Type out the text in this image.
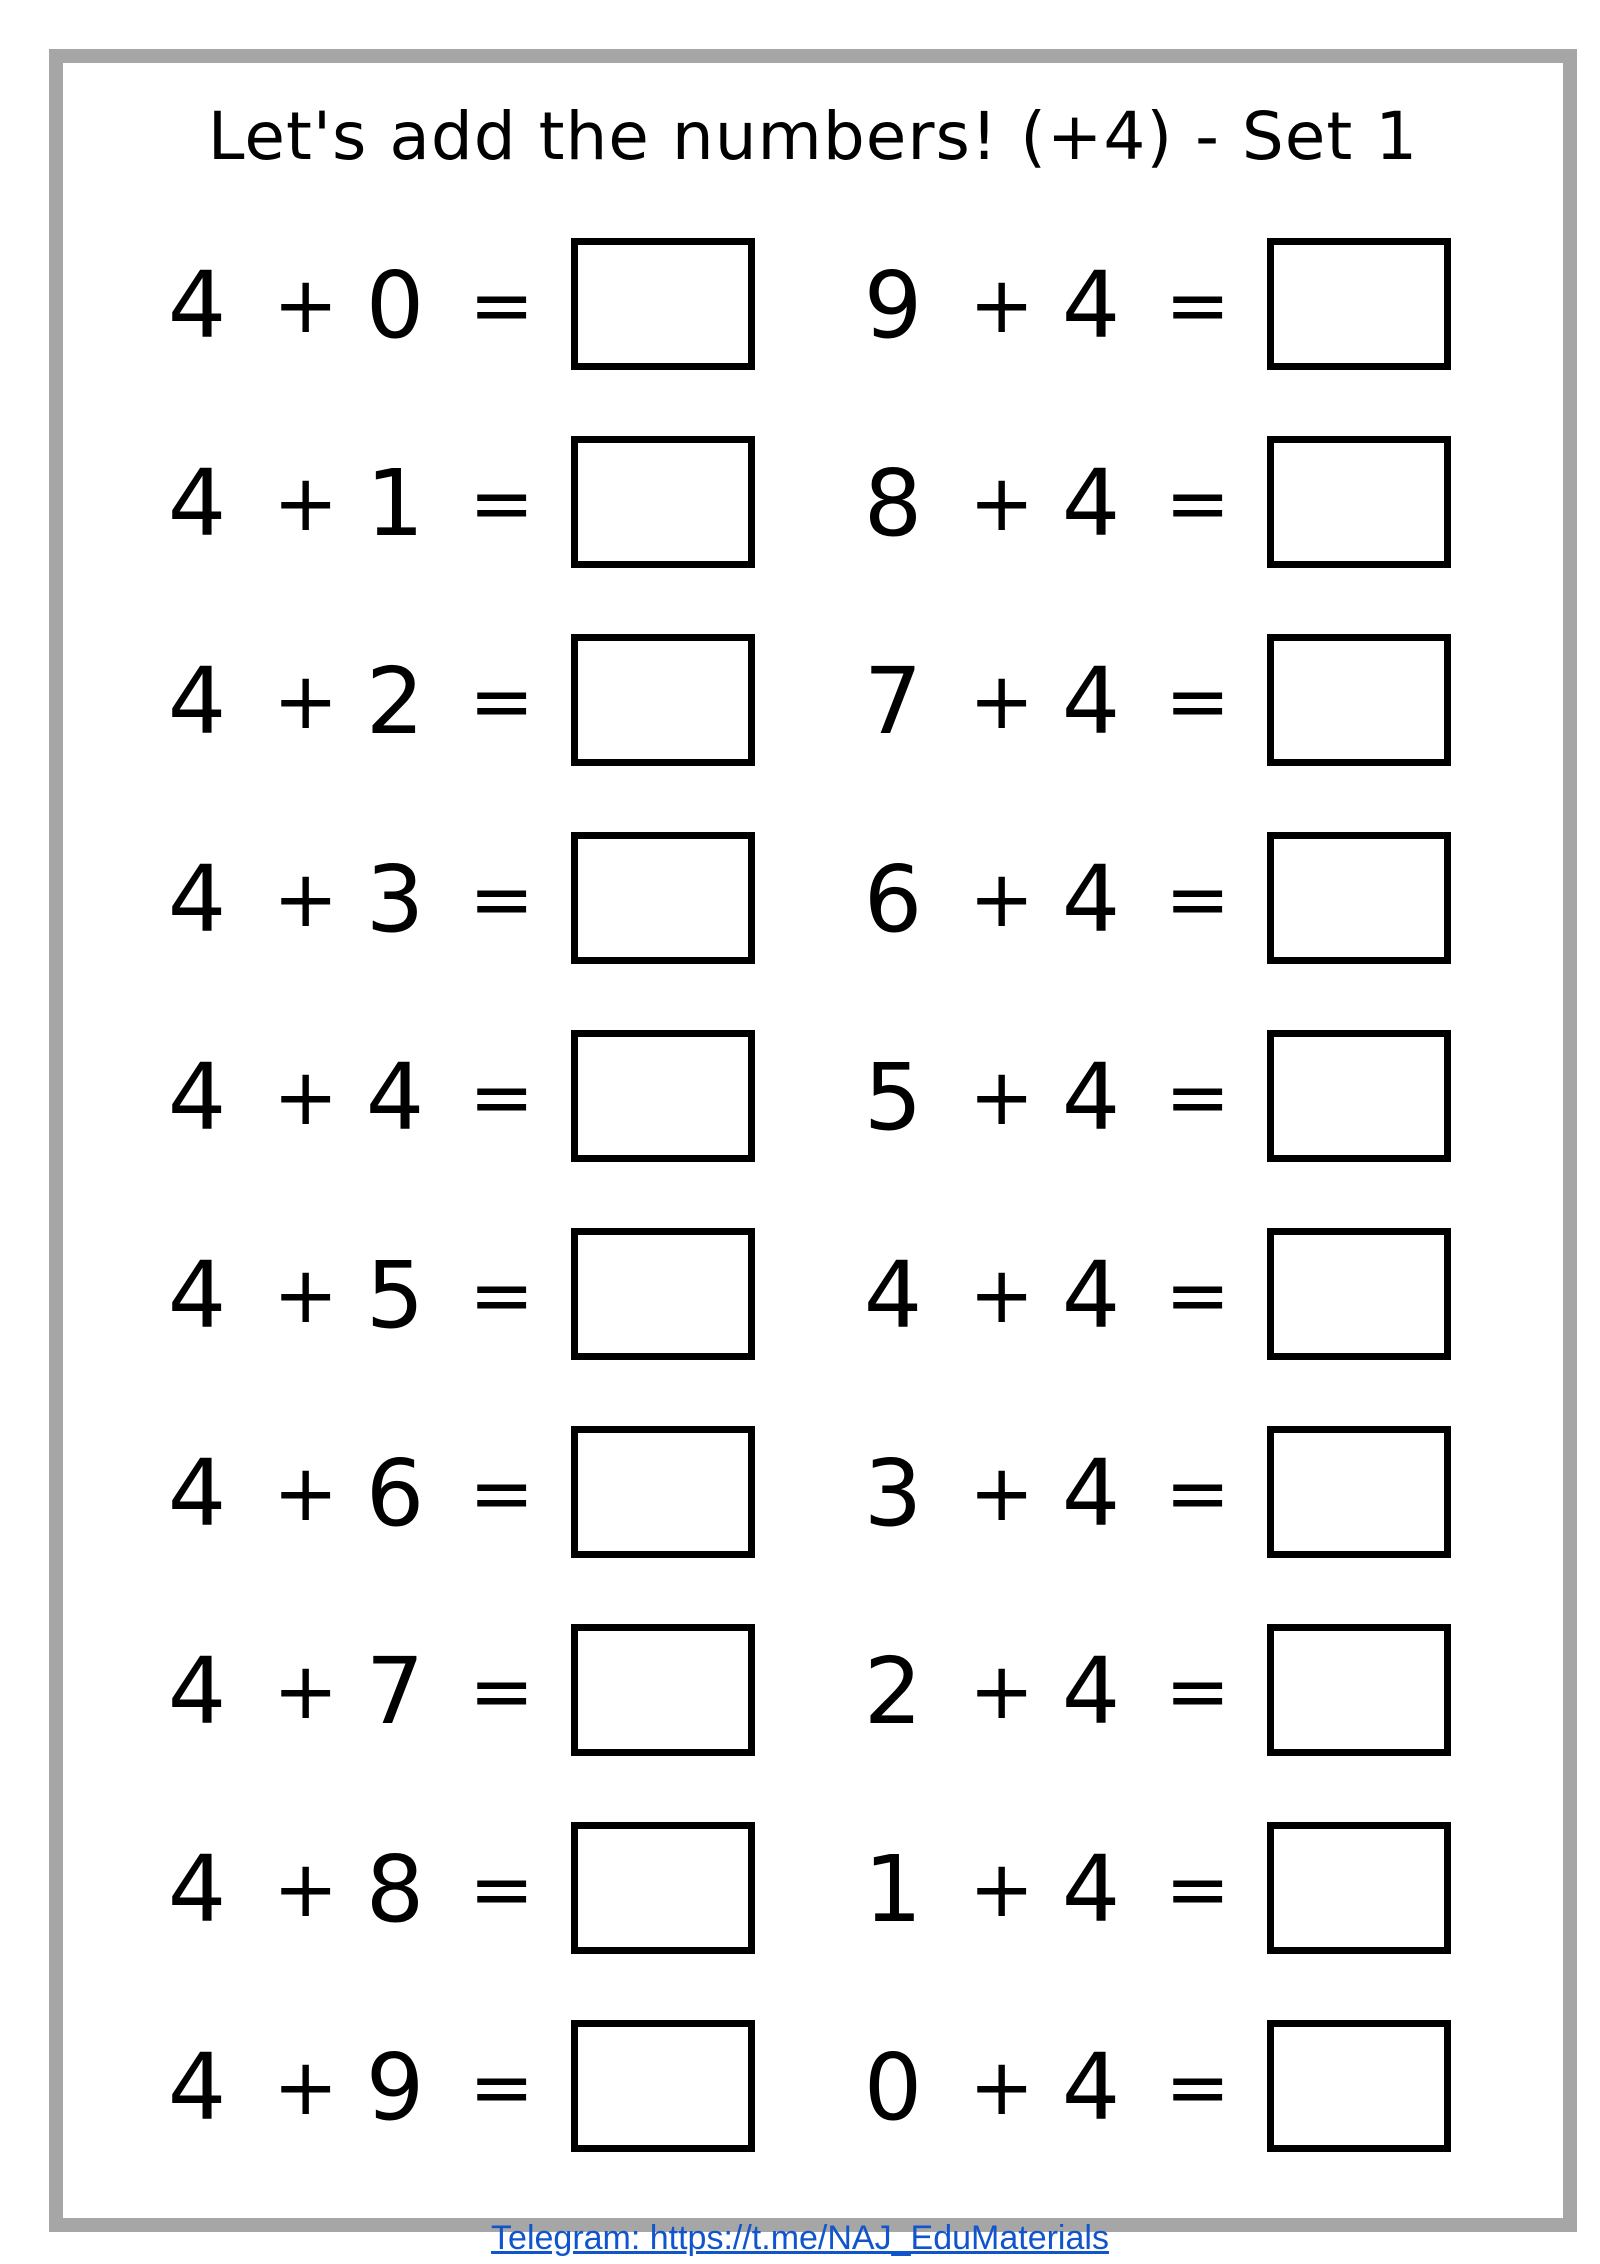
Let's add the numbers! (+4) - Set 1
4 + 0 =
4 + 1 =
4 + 2 =
4 + 3 =
4 + 4 =
4 + 5 =
4 + 6 =
4 + 7 =
4 + 8 =
4 + 9 =
9 + 4 =
8 + 4 =
7 + 4 =
6 + 4 =
5 + 4 =
4 + 4 =
3 + 4 =
2 + 4 =
1 + 4 =
0 + 4 =
Telegram: https://t.me/NAJ_EduMaterials
